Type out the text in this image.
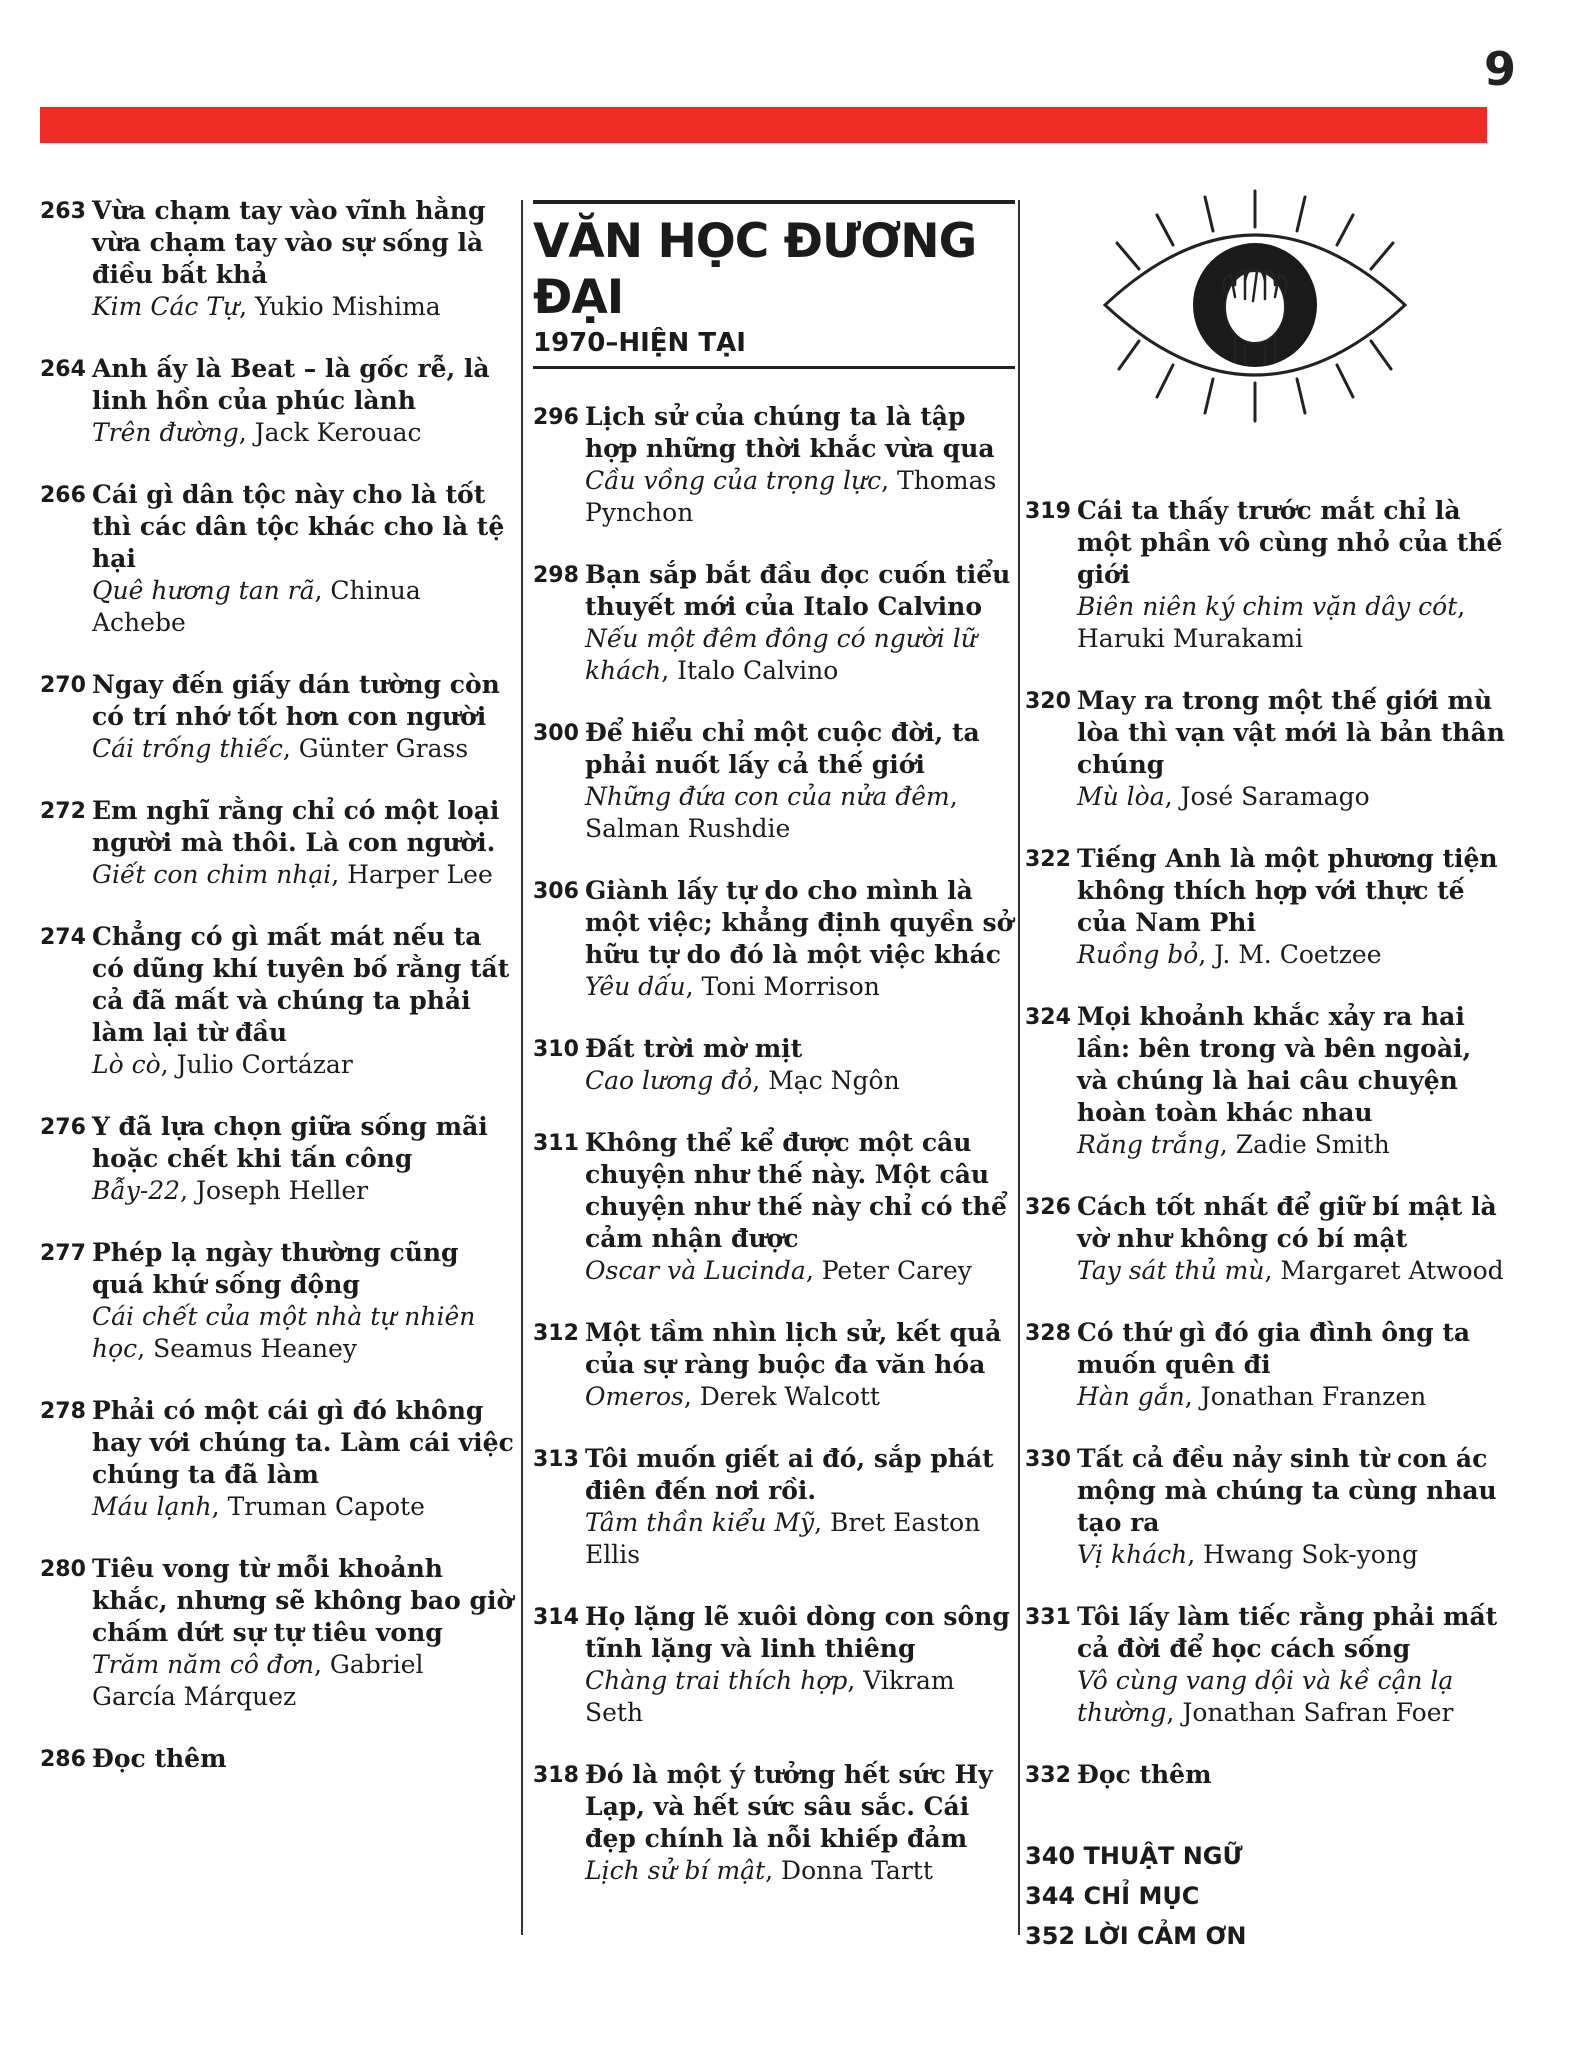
9
263 Vừa chạm tay vào vĩnh hằng vừa chạm tay vào sự sống là điều bất khả
Kim Các Tự, Yukio Mishima
264 Anh ấy là Beat – là gốc rễ, là linh hồn của phúc lành
Trên đường, Jack Kerouac
266 Cái gì dân tộc này cho là tốt thì các dân tộc khác cho là tệ hại
Quê hương tan rã, Chinua Achebe
270 Ngay đến giấy dán tường còn có trí nhớ tốt hơn con người
Cái trống thiếc, Günter Grass
272 Em nghĩ rằng chỉ có một loại người mà thôi. Là con người.
Giết con chim nhại, Harper Lee
274 Chẳng có gì mất mát nếu ta có dũng khí tuyên bố rằng tất cả đã mất và chúng ta phải làm lại từ đầu
Lò cò, Julio Cortázar
276 Y đã lựa chọn giữa sống mãi hoặc chết khi tấn công
Bẫy-22, Joseph Heller
277 Phép lạ ngày thường cũng quá khứ sống động
Cái chết của một nhà tự nhiên học, Seamus Heaney
278 Phải có một cái gì đó không hay với chúng ta. Làm cái việc chúng ta đã làm
Máu lạnh, Truman Capote
280 Tiêu vong từ mỗi khoảnh khắc, nhưng sẽ không bao giờ chấm dứt sự tự tiêu vong
Trăm năm cô đơn, Gabriel García Márquez
286 Đọc thêm
VĂN HỌC ĐƯƠNG ĐẠI
1970–HIỆN TẠI
296 Lịch sử của chúng ta là tập hợp những thời khắc vừa qua
Cầu vồng của trọng lực, Thomas Pynchon
298 Bạn sắp bắt đầu đọc cuốn tiểu thuyết mới của Italo Calvino
Nếu một đêm đông có người lữ khách, Italo Calvino
300 Để hiểu chỉ một cuộc đời, ta phải nuốt lấy cả thế giới
Những đứa con của nửa đêm, Salman Rushdie
306 Giành lấy tự do cho mình là một việc; khẳng định quyền sở hữu tự do đó là một việc khác
Yêu dấu, Toni Morrison
310 Đất trời mờ mịt
Cao lương đỏ, Mạc Ngôn
311 Không thể kể được một câu chuyện như thế này. Một câu chuyện như thế này chỉ có thể cảm nhận được
Oscar và Lucinda, Peter Carey
312 Một tầm nhìn lịch sử, kết quả của sự ràng buộc đa văn hóa
Omeros, Derek Walcott
313 Tôi muốn giết ai đó, sắp phát điên đến nơi rồi.
Tâm thần kiểu Mỹ, Bret Easton Ellis
314 Họ lặng lẽ xuôi dòng con sông tĩnh lặng và linh thiêng
Chàng trai thích hợp, Vikram Seth
318 Đó là một ý tưởng hết sức Hy Lạp, và hết sức sâu sắc. Cái đẹp chính là nỗi khiếp đảm
Lịch sử bí mật, Donna Tartt
319 Cái ta thấy trước mắt chỉ là một phần vô cùng nhỏ của thế giới
Biên niên ký chim vặn dây cót, Haruki Murakami
320 May ra trong một thế giới mù lòa thì vạn vật mới là bản thân chúng
Mù lòa, José Saramago
322 Tiếng Anh là một phương tiện không thích hợp với thực tế của Nam Phi
Ruồng bỏ, J. M. Coetzee
324 Mọi khoảnh khắc xảy ra hai lần: bên trong và bên ngoài, và chúng là hai câu chuyện hoàn toàn khác nhau
Răng trắng, Zadie Smith
326 Cách tốt nhất để giữ bí mật là vờ như không có bí mật
Tay sát thủ mù, Margaret Atwood
328 Có thứ gì đó gia đình ông ta muốn quên đi
Hàn gắn, Jonathan Franzen
330 Tất cả đều nảy sinh từ con ác mộng mà chúng ta cùng nhau tạo ra
Vị khách, Hwang Sok-yong
331 Tôi lấy làm tiếc rằng phải mất cả đời để học cách sống
Vô cùng vang dội và kề cận lạ thường, Jonathan Safran Foer
332 Đọc thêm
340 THUẬT NGỮ
344 CHỈ MỤC
352 LỜI CẢM ƠN
